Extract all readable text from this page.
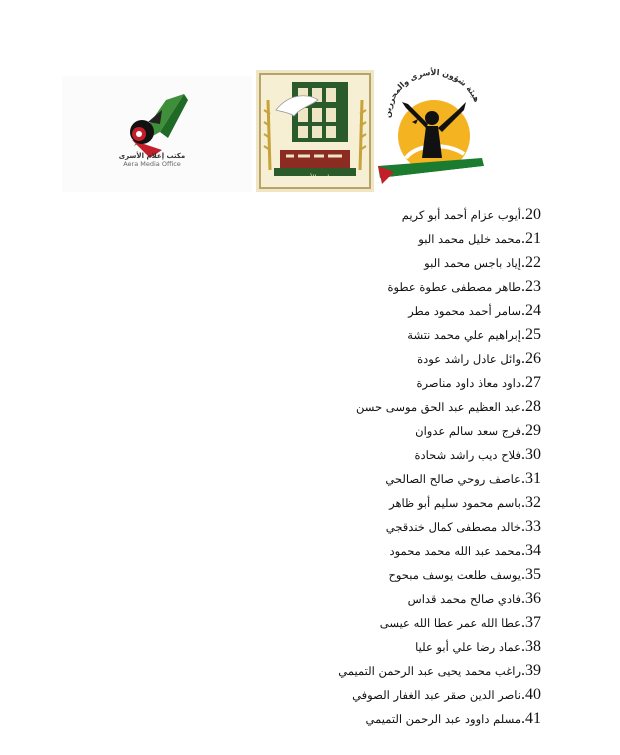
مكتب إعلام الأسرى
Aera Media Office
نادي الأسير
هيئة شؤون الأسرى والمحررين
20.أيوب عزام أحمد أبو كريم
21.محمد خليل محمد البو
22.إياد باجس محمد البو
23.طاهر مصطفى عطوة عطوة
24.سامر أحمد محمود مطر
25.إبراهيم علي محمد نتشة
26.وائل عادل راشد عودة
27.داود معاذ داود مناصرة
28.عبد العظيم عبد الحق موسى حسن
29.فرج سعد سالم عدوان
30.فلاح ديب راشد شحادة
31.عاصف روحي صالح الصالحي
32.باسم محمود سليم أبو ظاهر
33.خالد مصطفى كمال خندقجي
34.محمد عبد الله محمد محمود
35.يوسف طلعت يوسف مبحوح
36.فادي صالح محمد قداس
37.عطا الله عمر عطا الله عيسى
38.عماد رضا علي أبو عليا
39.راغب محمد يحيى عبد الرحمن التميمي
40.ناصر الدين صقر عبد الغفار الصوفي
41.مسلم داوود عبد الرحمن التميمي
